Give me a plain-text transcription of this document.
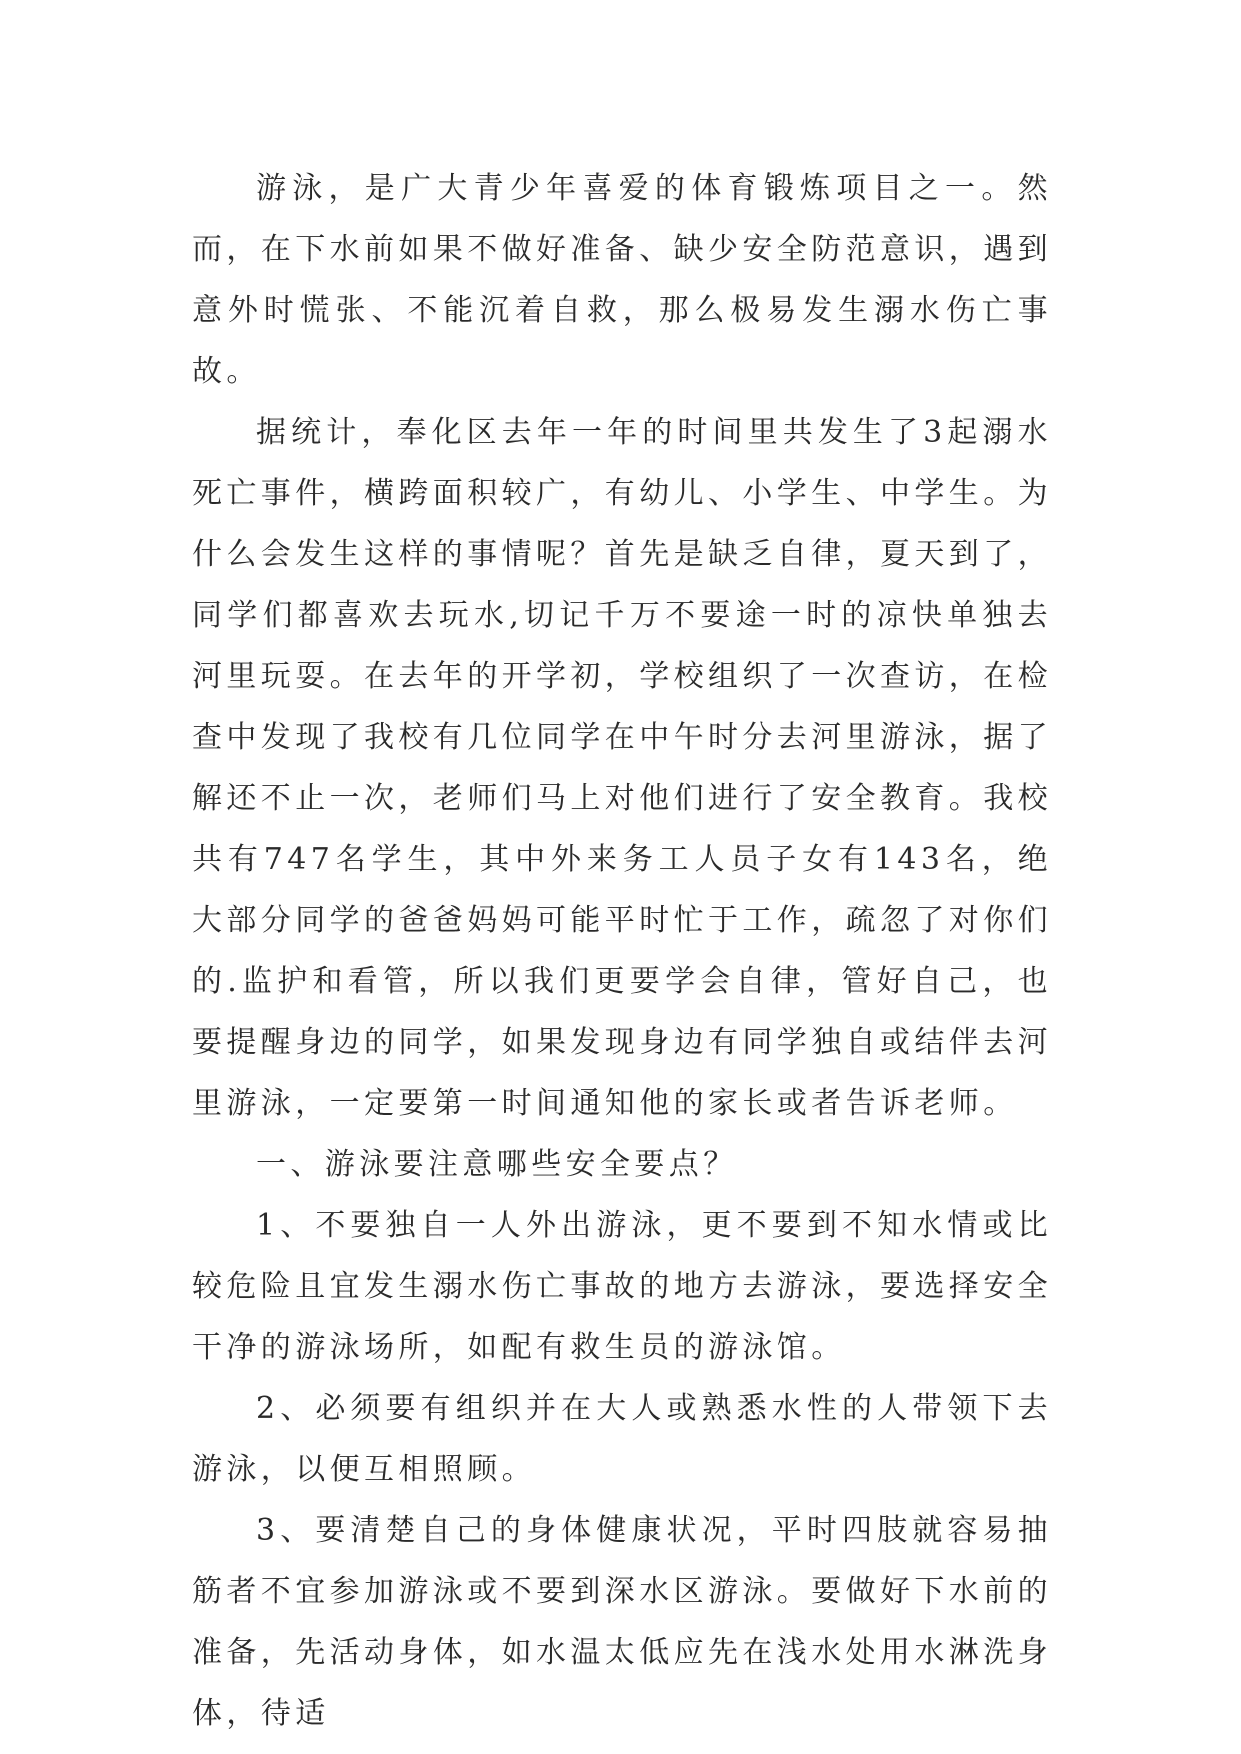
游泳，是广大青少年喜爱的体育锻炼项目之一。然而，在下水前如果不做好准备、缺少安全防范意识，遇到意外时慌张、不能沉着自救，那么极易发生溺水伤亡事故。

据统计，奉化区去年一年的时间里共发生了3起溺水死亡事件，横跨面积较广，有幼儿、小学生、中学生。为什么会发生这样的事情呢？首先是缺乏自律，夏天到了，同学们都喜欢去玩水,切记千万不要途一时的凉快单独去河里玩耍。在去年的开学初，学校组织了一次查访，在检查中发现了我校有几位同学在中午时分去河里游泳，据了解还不止一次，老师们马上对他们进行了安全教育。我校共有747名学生，其中外来务工人员子女有143名，绝大部分同学的爸爸妈妈可能平时忙于工作，疏忽了对你们的.监护和看管，所以我们更要学会自律，管好自己，也要提醒身边的同学，如果发现身边有同学独自或结伴去河里游泳，一定要第一时间通知他的家长或者告诉老师。

一、游泳要注意哪些安全要点？

1、不要独自一人外出游泳，更不要到不知水情或比较危险且宜发生溺水伤亡事故的地方去游泳，要选择安全干净的游泳场所，如配有救生员的游泳馆。

2、必须要有组织并在大人或熟悉水性的人带领下去游泳，以便互相照顾。

3、要清楚自己的身体健康状况，平时四肢就容易抽筋者不宜参加游泳或不要到深水区游泳。要做好下水前的准备，先活动身体，如水温太低应先在浅水处用水淋洗身体，待适
